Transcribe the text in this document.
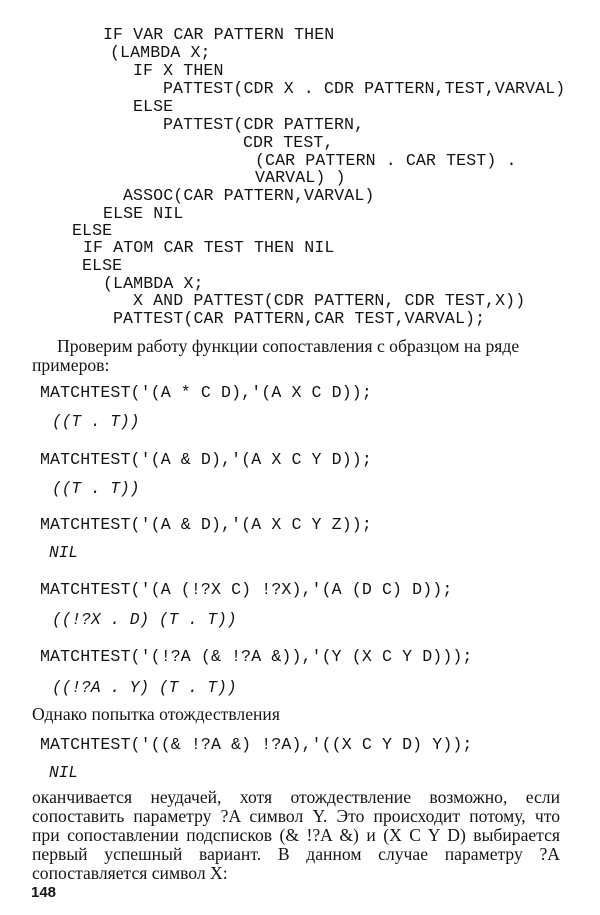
IF VAR CAR PATTERN THEN
(LAMBDA X;
IF X THEN
PATTEST(CDR X . CDR PATTERN,TEST,VARVAL)
ELSE
PATTEST(CDR PATTERN,
CDR TEST,
(CAR PATTERN . CAR TEST) .
VARVAL) )
ASSOC(CAR PATTERN,VARVAL)
ELSE NIL
ELSE
IF ATOM CAR TEST THEN NIL
ELSE
(LAMBDA X;
X AND PATTEST(CDR PATTERN, CDR TEST,X))
PATTEST(CAR PATTERN,CAR TEST,VARVAL);
Проверим работу функции сопоставления с образцом на ряде
примеров:
MATCHTEST('(A * C D),'(A X C D));
((T . T))
MATCHTEST('(A & D),'(A X C Y D));
((T . T))
MATCHTEST('(A & D),'(A X C Y Z));
NIL
MATCHTEST('(A (!?X C) !?X),'(A (D C) D));
((!?X . D) (T . T))
MATCHTEST('(!?A (& !?A &)),'(Y (X C Y D)));
((!?A . Y) (T . T))
Однако попытка отождествления
MATCHTEST('((& !?A &) !?A),'((X C Y D) Y));
NIL
оканчивается неудачей, хотя отождествление возможно, если
сопоставить параметру ?A символ Y. Это происходит потому, что
при сопоставлении подсписков (& !?A &) и (X C Y D) выбирается
первый успешный вариант. В данном случае параметру ?A
сопоставляется символ X:
148
